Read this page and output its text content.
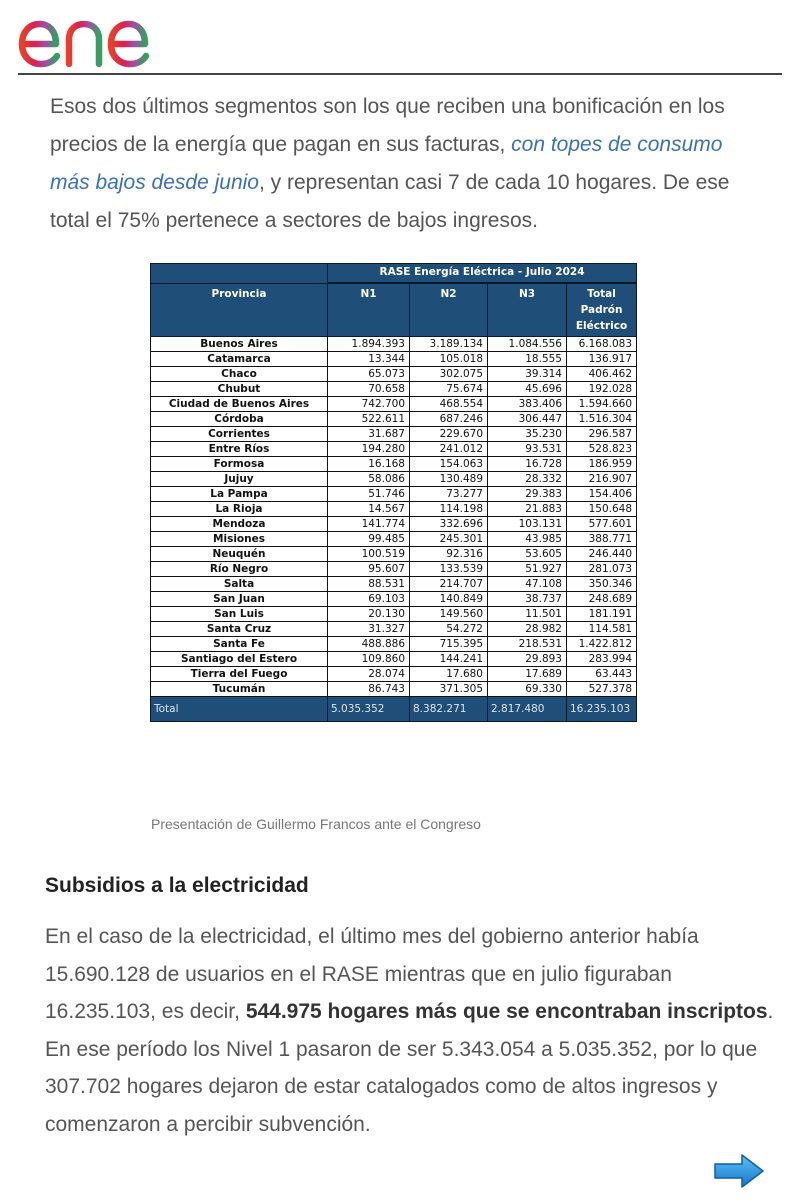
Esos dos últimos segmentos son los que reciben una bonificación en los precios de la energía que pagan en sus facturas, con topes de consumo más bajos desde junio, y representan casi 7 de cada 10 hogares. De ese total el 75% pertenece a sectores de bajos ingresos.

	RASE Energía Eléctrica - Julio 2024			
Provincia	N1	N2	N3	Total Padrón Eléctrico
Buenos Aires	1.894.393	3.189.134	1.084.556	6.168.083
Catamarca	13.344	105.018	18.555	136.917
Chaco	65.073	302.075	39.314	406.462
Chubut	70.658	75.674	45.696	192.028
Ciudad de Buenos Aires	742.700	468.554	383.406	1.594.660
Córdoba	522.611	687.246	306.447	1.516.304
Corrientes	31.687	229.670	35.230	296.587
Entre Ríos	194.280	241.012	93.531	528.823
Formosa	16.168	154.063	16.728	186.959
Jujuy	58.086	130.489	28.332	216.907
La Pampa	51.746	73.277	29.383	154.406
La Rioja	14.567	114.198	21.883	150.648
Mendoza	141.774	332.696	103.131	577.601
Misiones	99.485	245.301	43.985	388.771
Neuquén	100.519	92.316	53.605	246.440
Río Negro	95.607	133.539	51.927	281.073
Salta	88.531	214.707	47.108	350.346
San Juan	69.103	140.849	38.737	248.689
San Luis	20.130	149.560	11.501	181.191
Santa Cruz	31.327	54.272	28.982	114.581
Santa Fe	488.886	715.395	218.531	1.422.812
Santiago del Estero	109.860	144.241	29.893	283.994
Tierra del Fuego	28.074	17.680	17.689	63.443
Tucumán	86.743	371.305	69.330	527.378
Total	5.035.352	8.382.271	2.817.480	16.235.103
Presentación de Guillermo Francos ante el Congreso
Subsidios a la electricidad

En el caso de la electricidad, el último mes del gobierno anterior había 15.690.128 de usuarios en el RASE mientras que en julio figuraban 16.235.103, es decir, 544.975 hogares más que se encontraban inscriptos. En ese período los Nivel 1 pasaron de ser 5.343.054 a 5.035.352, por lo que 307.702 hogares dejaron de estar catalogados como de altos ingresos y comenzaron a percibir subvención.
